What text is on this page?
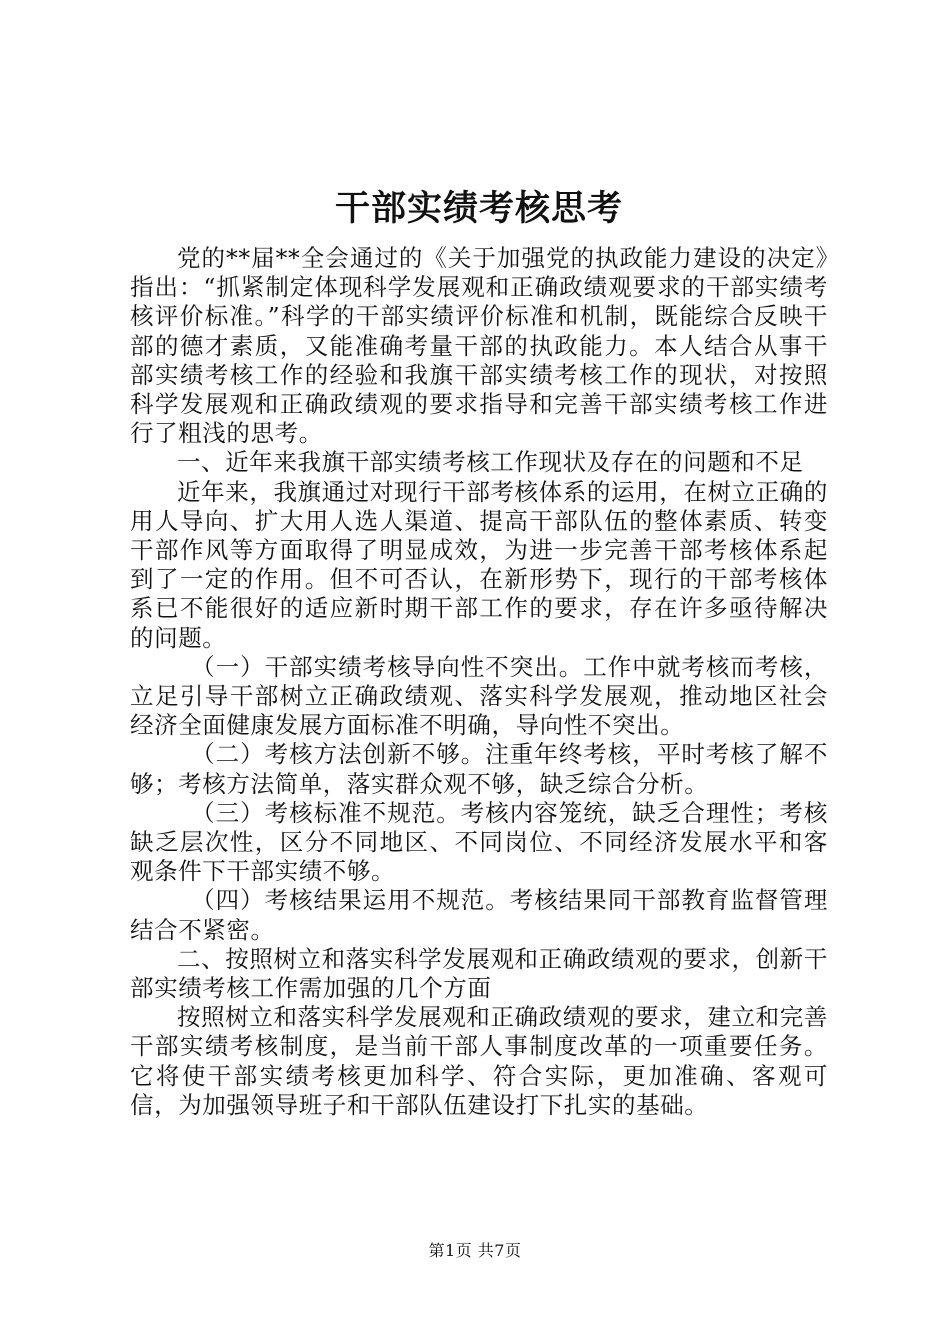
干部实绩考核思考

党的**届**全会通过的《关于加强党的执政能力建设的决定》指出：“抓紧制定体现科学发展观和正确政绩观要求的干部实绩考核评价标准。”科学的干部实绩评价标准和机制，既能综合反映干部的德才素质，又能准确考量干部的执政能力。本人结合从事干部实绩考核工作的经验和我旗干部实绩考核工作的现状，对按照科学发展观和正确政绩观的要求指导和完善干部实绩考核工作进行了粗浅的思考。

一、近年来我旗干部实绩考核工作现状及存在的问题和不足

近年来，我旗通过对现行干部考核体系的运用，在树立正确的用人导向、扩大用人选人渠道、提高干部队伍的整体素质、转变干部作风等方面取得了明显成效，为进一步完善干部考核体系起到了一定的作用。但不可否认，在新形势下，现行的干部考核体系已不能很好的适应新时期干部工作的要求，存在许多亟待解决的问题。

（一）干部实绩考核导向性不突出。工作中就考核而考核，立足引导干部树立正确政绩观、落实科学发展观，推动地区社会经济全面健康发展方面标准不明确，导向性不突出。

（二）考核方法创新不够。注重年终考核，平时考核了解不够；考核方法简单，落实群众观不够，缺乏综合分析。

（三）考核标准不规范。考核内容笼统，缺乏合理性；考核缺乏层次性，区分不同地区、不同岗位、不同经济发展水平和客观条件下干部实绩不够。

（四）考核结果运用不规范。考核结果同干部教育监督管理结合不紧密。

二、按照树立和落实科学发展观和正确政绩观的要求，创新干部实绩考核工作需加强的几个方面

按照树立和落实科学发展观和正确政绩观的要求，建立和完善干部实绩考核制度，是当前干部人事制度改革的一项重要任务。它将使干部实绩考核更加科学、符合实际，更加准确、客观可信，为加强领导班子和干部队伍建设打下扎实的基础。

第1页 共7页
